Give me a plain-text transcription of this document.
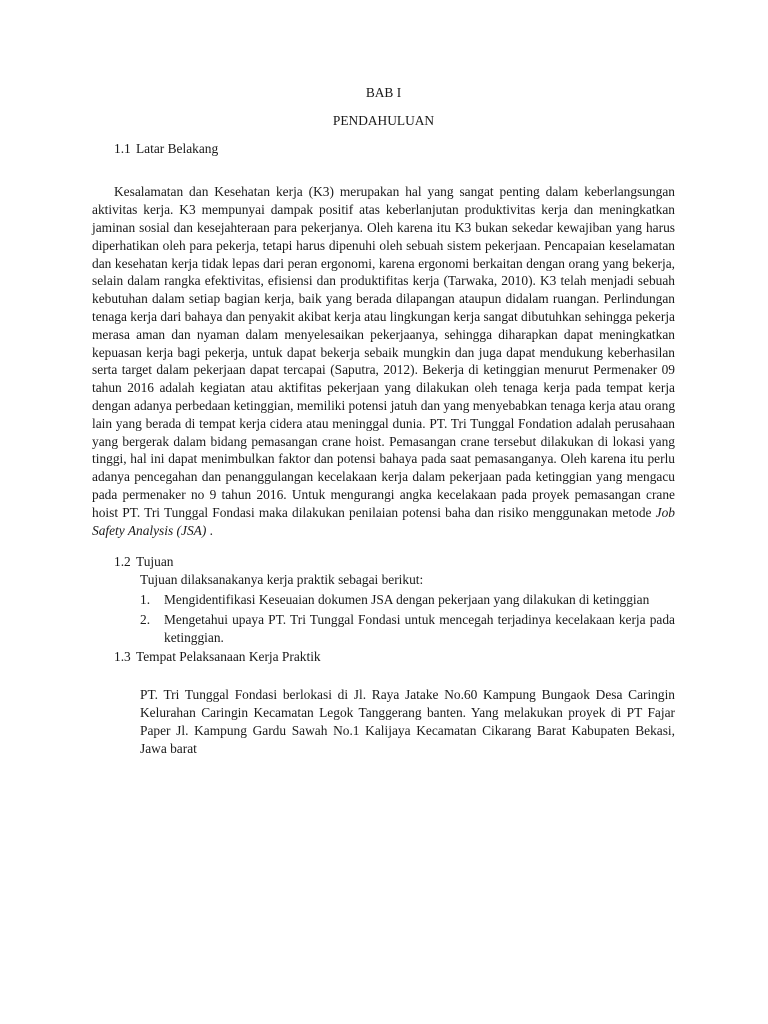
BAB I

PENDAHULUAN

1.1 Latar Belakang

Kesalamatan dan Kesehatan kerja (K3) merupakan hal yang sangat penting dalam keberlangsungan aktivitas kerja. K3 mempunyai dampak positif atas keberlanjutan produktivitas kerja dan meningkatkan jaminan sosial dan kesejahteraan para pekerjanya. Oleh karena itu K3 bukan sekedar kewajiban yang harus diperhatikan oleh para pekerja, tetapi harus dipenuhi oleh sebuah sistem pekerjaan. Pencapaian keselamatan dan kesehatan kerja tidak lepas dari peran ergonomi, karena ergonomi berkaitan dengan orang yang bekerja, selain dalam rangka efektivitas, efisiensi dan produktifitas kerja (Tarwaka, 2010). K3 telah menjadi sebuah kebutuhan dalam setiap bagian kerja, baik yang berada dilapangan ataupun didalam ruangan. Perlindungan tenaga kerja dari bahaya dan penyakit akibat kerja atau lingkungan kerja sangat dibutuhkan sehingga pekerja merasa aman dan nyaman dalam menyelesaikan pekerjaanya, sehingga diharapkan dapat meningkatkan kepuasan kerja bagi pekerja, untuk dapat bekerja sebaik mungkin dan juga dapat mendukung keberhasilan serta target dalam pekerjaan dapat tercapai (Saputra, 2012). Bekerja di ketinggian menurut Permenaker 09 tahun 2016 adalah kegiatan atau aktifitas pekerjaan yang dilakukan oleh tenaga kerja pada tempat kerja dengan adanya perbedaan ketinggian, memiliki potensi jatuh dan yang menyebabkan tenaga kerja atau orang lain yang berada di tempat kerja cidera atau meninggal dunia. PT. Tri Tunggal Fondation adalah perusahaan yang bergerak dalam bidang pemasangan crane hoist. Pemasangan crane tersebut dilakukan di lokasi yang tinggi, hal ini dapat menimbulkan faktor dan potensi bahaya pada saat pemasanganya. Oleh karena itu perlu adanya pencegahan dan penanggulangan kecelakaan kerja dalam pekerjaan pada ketinggian yang mengacu pada permenaker no 9 tahun 2016. Untuk mengurangi angka kecelakaan pada proyek pemasangan crane hoist PT. Tri Tunggal Fondasi maka dilakukan penilaian potensi baha dan risiko menggunakan metode Job Safety Analysis (JSA) .

1.2 Tujuan

Tujuan dilaksanakanya kerja praktik sebagai berikut:

1.	Mengidentifikasi Keseuaian dokumen JSA dengan pekerjaan yang dilakukan di ketinggian
2.	Mengetahui upaya PT. Tri Tunggal Fondasi untuk mencegah terjadinya kecelakaan kerja pada ketinggian.
1.3 Tempat Pelaksanaan Kerja Praktik

PT. Tri Tunggal Fondasi berlokasi di Jl. Raya Jatake No.60 Kampung Bungaok Desa Caringin Kelurahan Caringin Kecamatan Legok Tanggerang banten. Yang melakukan proyek di PT Fajar Paper Jl. Kampung Gardu Sawah No.1 Kalijaya Kecamatan Cikarang Barat Kabupaten Bekasi, Jawa barat
